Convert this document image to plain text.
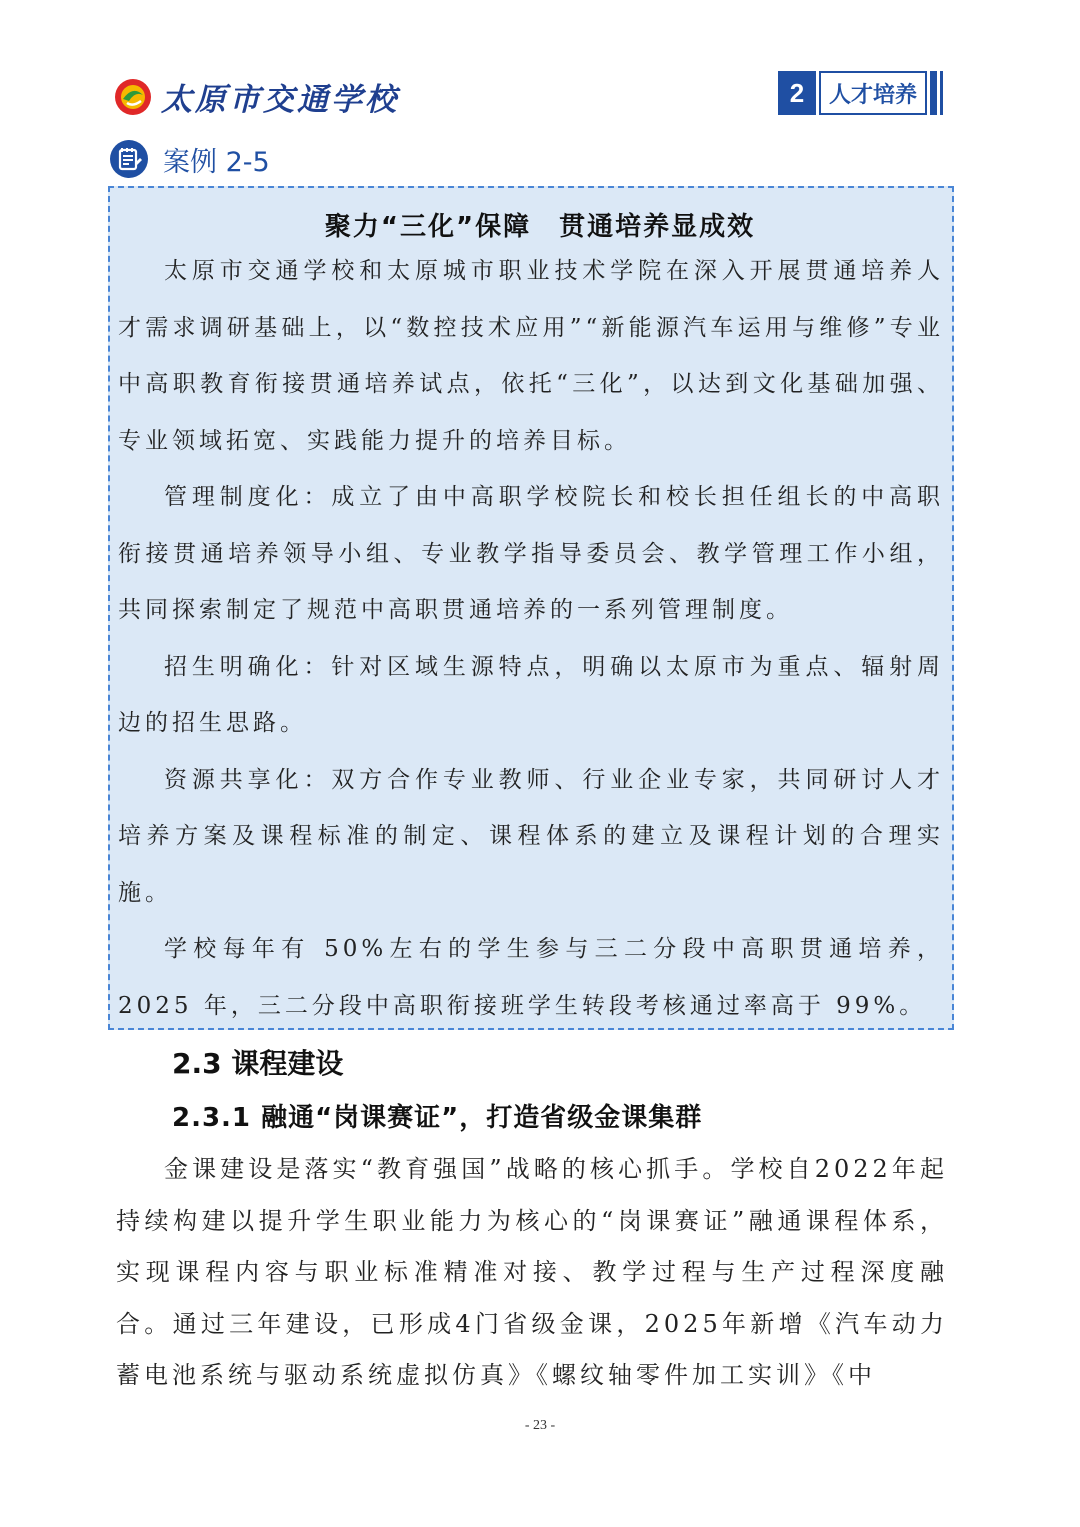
太原市交通学校	2	人才培养
案例 2-5
聚力“三化”保障　贯通培养显成效

太原市交通学校和太原城市职业技术学院在深入开展贯通培养人才需求调研基础上，以“数控技术应用”“新能源汽车运用与维修”专业中高职教育衔接贯通培养试点，依托“三化”，以达到文化基础加强、专业领域拓宽、实践能力提升的培养目标。

管理制度化：成立了由中高职学校院长和校长担任组长的中高职衔接贯通培养领导小组、专业教学指导委员会、教学管理工作小组，共同探索制定了规范中高职贯通培养的一系列管理制度。

招生明确化：针对区域生源特点，明确以太原市为重点、辐射周边的招生思路。

资源共享化：双方合作专业教师、行业企业专家，共同研讨人才培养方案及课程标准的制定、课程体系的建立及课程计划的合理实施。

学校每年有 50%左右的学生参与三二分段中高职贯通培养，2025 年，三二分段中高职衔接班学生转段考核通过率高于 99%。

2.3 课程建设
2.3.1 融通“岗课赛证”，打造省级金课集群

金课建设是落实“教育强国”战略的核心抓手。学校自2022年起持续构建以提升学生职业能力为核心的“岗课赛证”融通课程体系，实现课程内容与职业标准精准对接、教学过程与生产过程深度融合。通过三年建设，已形成4门省级金课，2025年新增《汽车动力蓄电池系统与驱动系统虚拟仿真》《螺纹轴零件加工实训》《中

- 23 -
